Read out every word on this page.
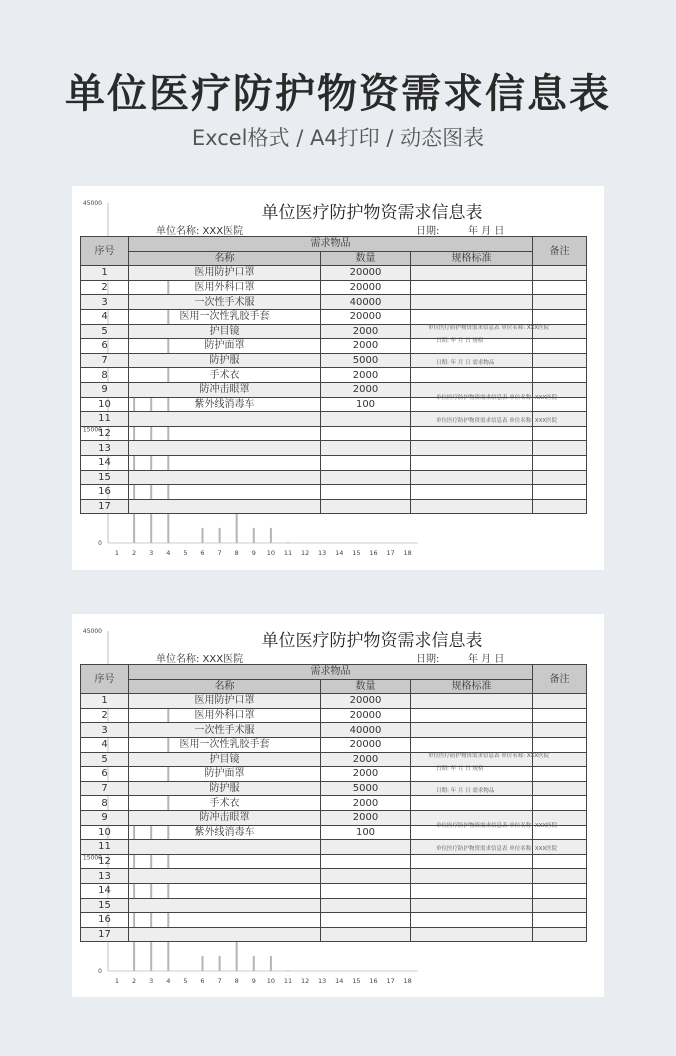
单位医疗防护物资需求信息表
Excel格式 / A4打印 / 动态图表
1 2 3 4 5 6 7 8 9 10 11 12 13 14 15 16 17 18
0
15000
45000	单位医疗防护物资需求信息表
单位名称: XXX医院	日期:	年 月 日
序号	需求物品			备注
	名称	数量	规格标准	
1	医用防护口罩	20000		
2	医用外科口罩	20000		
3	一次性手术服	40000		
4	医用一次性乳胶手套	20000		
5	护目镜	2000		
6	防护面罩	2000		
7	防护服	5000		
8	手术衣	2000		
9	防冲击眼罩	2000		
10	紫外线消毒车	100		
11				
12				
13				
14				
15				
16				
17				
单位医疗防护物资需求信息表 单位名称: XXX医院
日期: 年 月 日 需求物品
单位医疗防护物资需求信息表 单位名称: XXX医院
单位医疗防护物资需求信息表 单位名称: XXX医院
日期: 年 月 日 规格
1 2 3 4 5 6 7 8 9 10 11 12 13 14 15 16 17 18
0
15000
45000	单位医疗防护物资需求信息表
单位名称: XXX医院	日期:	年 月 日
序号	需求物品			备注
	名称	数量	规格标准	
1	医用防护口罩	20000		
2	医用外科口罩	20000		
3	一次性手术服	40000		
4	医用一次性乳胶手套	20000		
5	护目镜	2000		
6	防护面罩	2000		
7	防护服	5000		
8	手术衣	2000		
9	防冲击眼罩	2000		
10	紫外线消毒车	100		
11				
12				
13				
14				
15				
16				
17				
单位医疗防护物资需求信息表 单位名称: XXX医院
日期: 年 月 日 需求物品
单位医疗防护物资需求信息表 单位名称: XXX医院
单位医疗防护物资需求信息表 单位名称: XXX医院
日期: 年 月 日 规格
